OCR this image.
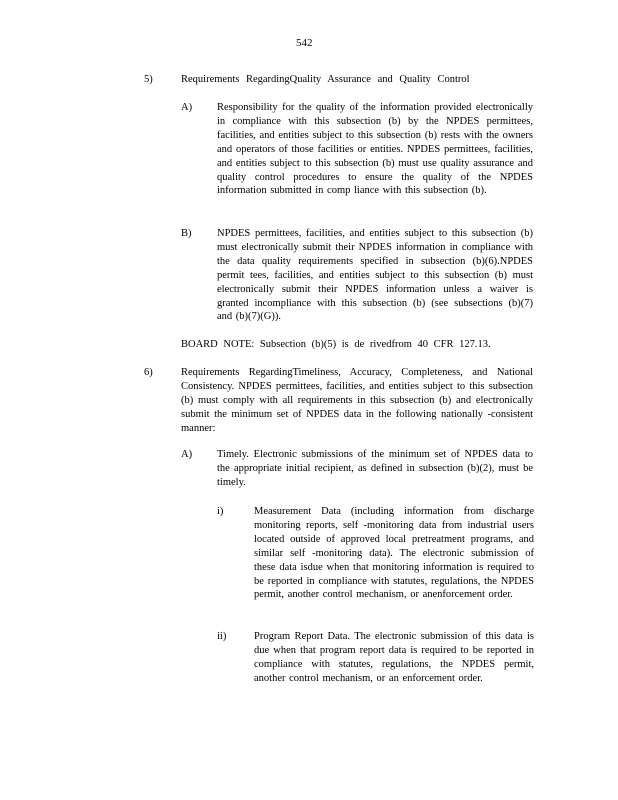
542
5)	Requirements RegardingQuality Assurance and Quality Control
A) Responsibility for the quality of the information provided electronically in compliance with this subsection (b) by the NPDES permittees, facilities, and entities subject to this subsection (b) rests with the owners and operators of those facilities or entities. NPDES permittees, facilities, and entities subject to this subsection (b) must use quality assurance and quality control procedures to ensure the quality of the NPDES information submitted in comp liance with this subsection (b).
B) NPDES permittees, facilities, and entities subject to this subsection (b) must electronically submit their NPDES information in compliance with the data quality requirements specified in subsection (b)(6).NPDES permit tees, facilities, and entities subject to this subsection (b) must electronically submit their NPDES information unless a waiver is granted incompliance with this subsection (b) (see subsections (b)(7) and (b)(7)(G)).
BOARD NOTE: Subsection (b)(5) is de rivedfrom 40 CFR 127.13.
6)	Requirements RegardingTimeliness, Accuracy, Completeness, and National Consistency. NPDES permittees, facilities, and entities subject to this subsection (b) must comply with all requirements in this subsection (b) and electronically submit the minimum set of NPDES data in the following nationally -consistent manner:
A) Timely. Electronic submissions of the minimum set of NPDES data to the appropriate initial recipient, as defined in subsection (b)(2), must be timely.
i)	Measurement Data (including information from discharge monitoring reports, self -monitoring data from industrial users located outside of approved local pretreatment programs, and similar self -monitoring data). The electronic submission of these data isdue when that monitoring information is required to be reported in compliance with statutes, regulations, the NPDES permit, another control mechanism, or anenforcement order.
ii)	Program Report Data. The electronic submission of this data is due when that program report data is required to be reported in compliance with statutes, regulations, the NPDES permit, another control mechanism, or an enforcement order.
